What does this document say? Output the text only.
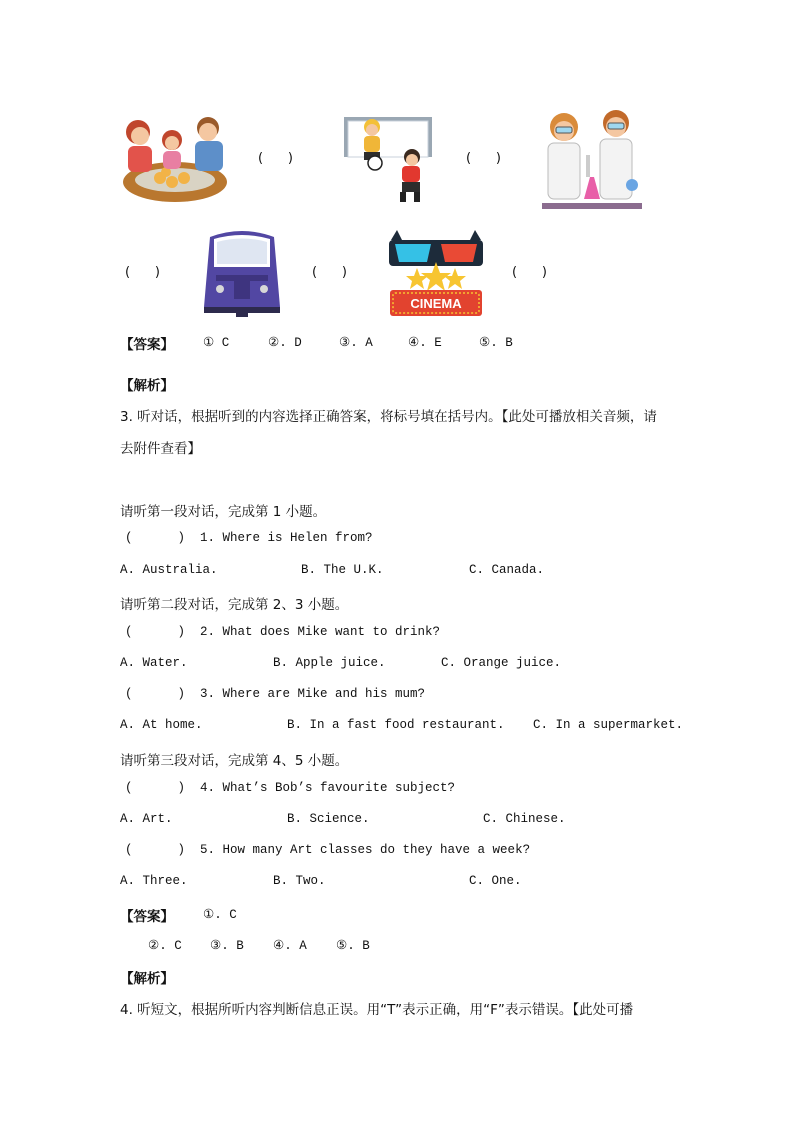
(      )	(      )
(      )	(      )
CINEMA
(      )
【答案】 ① C	②. D	③. A	④. E	⑤. B
【解析】
3. 听对话，根据听到的内容选择正确答案，将标号填在括号内。【此处可播放相关音频，请
去附件查看】
请听第一段对话，完成第 1 小题。
(      )  1. Where is Helen from?
A. Australia.	B. The U.K.	C. Canada.
请听第二段对话，完成第 2、3 小题。
(      )  2. What does Mike want to drink?
A. Water.	B. Apple juice.	C. Orange juice.
(      )  3. Where are Mike and his mum?
A. At home.	B. In a fast food restaurant. C. In a supermarket.
请听第三段对话，完成第 4、5 小题。
(      )  4. What’s Bob’s favourite subject?
A. Art.	B. Science.	C. Chinese.
(      )  5. How many Art classes do they have a week?
A. Three.	B. Two.	C. One.
【答案】 ①. C
②. C ③. B ④. A ⑤. B
【解析】
4. 听短文，根据所听内容判断信息正误。用“T”表示正确，用“F”表示错误。【此处可播
